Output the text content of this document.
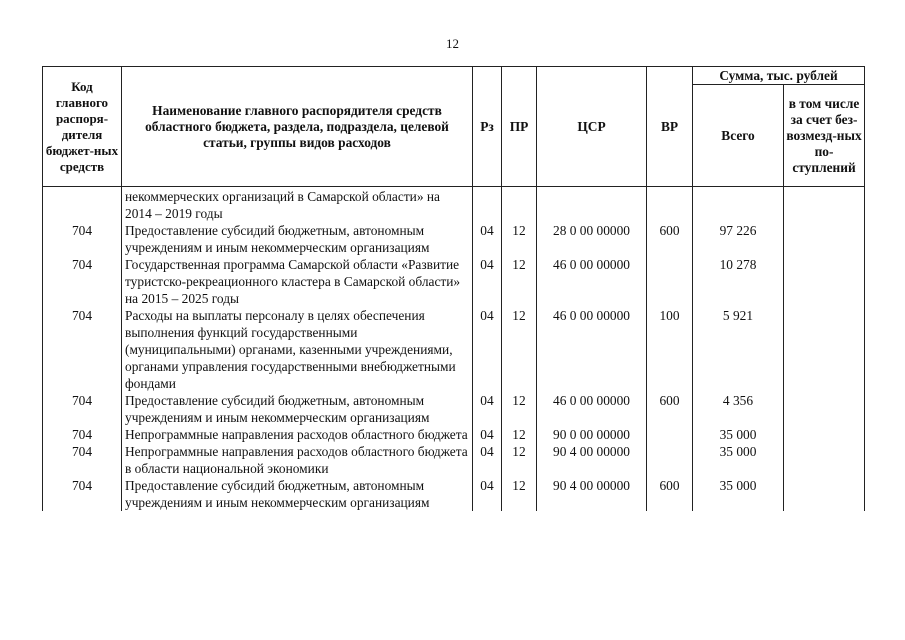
12
Код главного распоря-дителя бюджет-ных средств	Наименование главного распорядителя средств областного бюджета, раздела, подраздела, целевой статьи, группы видов расходов	Рз	ПР	ЦСР	ВР	Сумма, тыс. рублей	
						Всего	в том числе за счет без-возмезд-ных по-ступлений
	некоммерческих организаций в Самарской области» на 2014 – 2019 годы						
704	Предоставление субсидий бюджетным, автономным учреждениям и иным некоммерческим организациям	04	12	28 0 00 00000	600	97 226	
704	Государственная программа Самарской области «Развитие туристско-рекреационного кластера в Самарской области» на 2015 – 2025 годы	04	12	46 0 00 00000		10 278	
704	Расходы на выплаты персоналу в целях обеспечения выполнения функций государственными (муниципальными) органами, казенными учреждениями, органами управления государственными внебюджетными фондами	04	12	46 0 00 00000	100	5 921	
704	Предоставление субсидий бюджетным, автономным учреждениям и иным некоммерческим организациям	04	12	46 0 00 00000	600	4 356	
704	Непрограммные направления расходов областного бюджета	04	12	90 0 00 00000		35 000	
704	Непрограммные направления расходов областного бюджета в области национальной экономики	04	12	90 4 00 00000		35 000	
704	Предоставление субсидий бюджетным, автономным учреждениям и иным некоммерческим организациям	04	12	90 4 00 00000	600	35 000	
